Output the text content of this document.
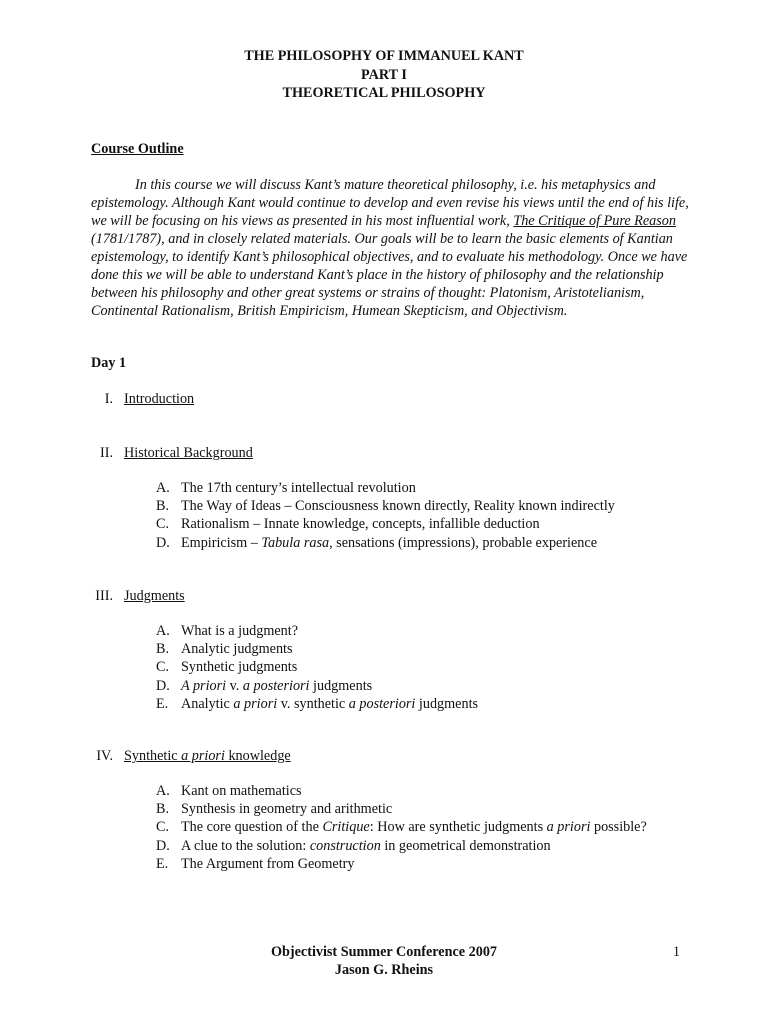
THE PHILOSOPHY OF IMMANUEL KANT
PART I
THEORETICAL PHILOSOPHY
Course Outline
In this course we will discuss Kant’s mature theoretical philosophy, i.e. his metaphysics and epistemology. Although Kant would continue to develop and even revise his views until the end of his life, we will be focusing on his views as presented in his most influential work, The Critique of Pure Reason (1781/1787), and in closely related materials. Our goals will be to learn the basic elements of Kantian epistemology, to identify Kant’s philosophical objectives, and to evaluate his methodology. Once we have done this we will be able to understand Kant’s place in the history of philosophy and the relationship between his philosophy and other great systems or strains of thought: Platonism, Aristotelianism, Continental Rationalism, British Empiricism, Humean Skepticism, and Objectivism.
Day 1
I. Introduction
II. Historical Background
A. The 17th century’s intellectual revolution
B. The Way of Ideas – Consciousness known directly, Reality known indirectly
C. Rationalism – Innate knowledge, concepts, infallible deduction
D. Empiricism – Tabula rasa, sensations (impressions), probable experience
III. Judgments
A. What is a judgment?
B. Analytic judgments
C. Synthetic judgments
D. A priori v. a posteriori judgments
E. Analytic a priori v. synthetic a posteriori judgments
IV. Synthetic a priori knowledge
A. Kant on mathematics
B. Synthesis in geometry and arithmetic
C. The core question of the Critique: How are synthetic judgments a priori possible?
D. A clue to the solution: construction in geometrical demonstration
E. The Argument from Geometry
Objectivist Summer Conference 2007
Jason G. Rheins
1
